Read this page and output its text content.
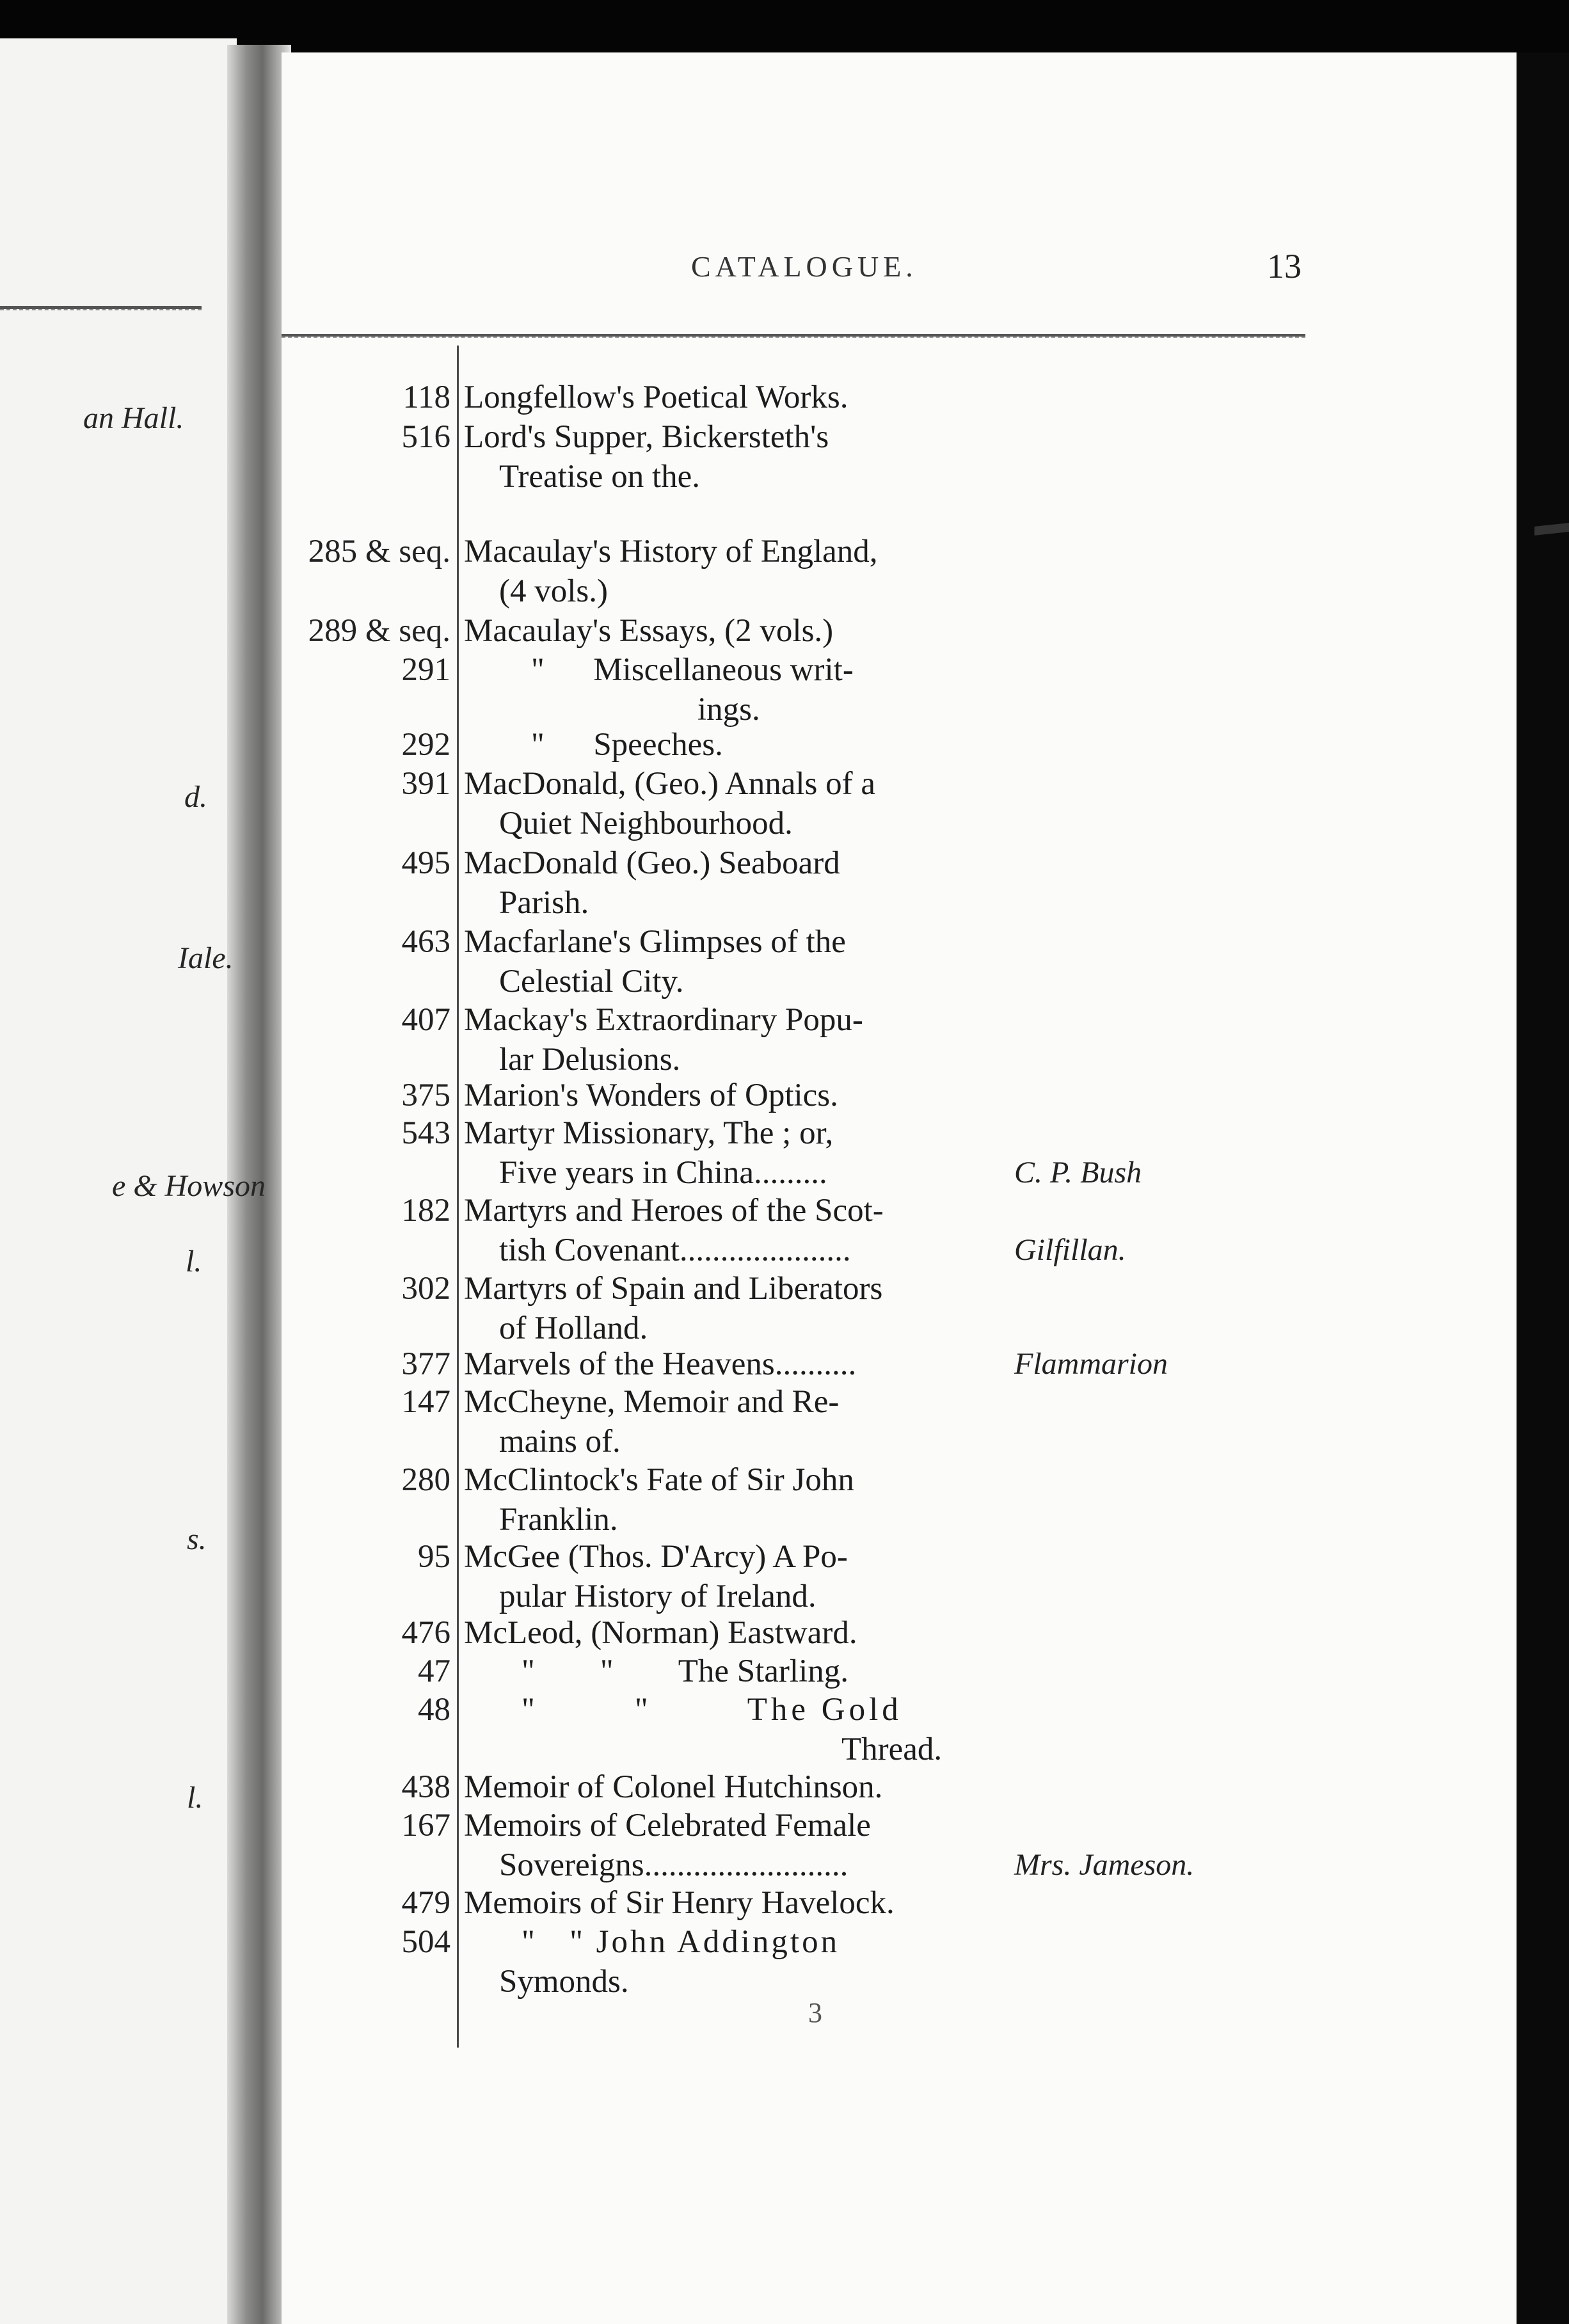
an Hall.
d.
Iale.
e & Howson
l.
s.
l.
CATALOGUE.	13
118 Longfellow's Poetical Works.
516 Lord's Supper, Bickersteth's
Treatise on the.
285 & seq. Macaulay's History of England,
(4 vols.)
289 & seq. Macaulay's Essays, (2 vols.)
291	"      Miscellaneous writ-
ings.
292	"      Speeches.
391 MacDonald, (Geo.) Annals of a
Quiet Neighbourhood.
495 MacDonald (Geo.) Seaboard
Parish.
463 Macfarlane's Glimpses of the
Celestial City.
407 Mackay's Extraordinary Popu-
lar Delusions.
375 Marion's Wonders of Optics.
543 Martyr Missionary, The ; or,
Five years in China.........	C. P. Bush
182 Martyrs and Heroes of the Scot-
tish Covenant.....................	Gilfillan.
302 Martyrs of Spain and Liberators
of Holland.
377 Marvels of the Heavens..........	Flammarion
147 McCheyne, Memoir and Re-
mains of.
280 McClintock's Fate of Sir John
Franklin.
95 McGee (Thos. D'Arcy) A Po-
pular History of Ireland.
476 McLeod, (Norman) Eastward.
47	"        "        The Starling.
48	"        "        The Gold
Thread.
438 Memoir of Colonel Hutchinson.
167 Memoirs of Celebrated Female
Sovereigns.........................	Mrs. Jameson.
479 Memoirs of Sir Henry Havelock.
504	"   " John Addington
Symonds.
3
